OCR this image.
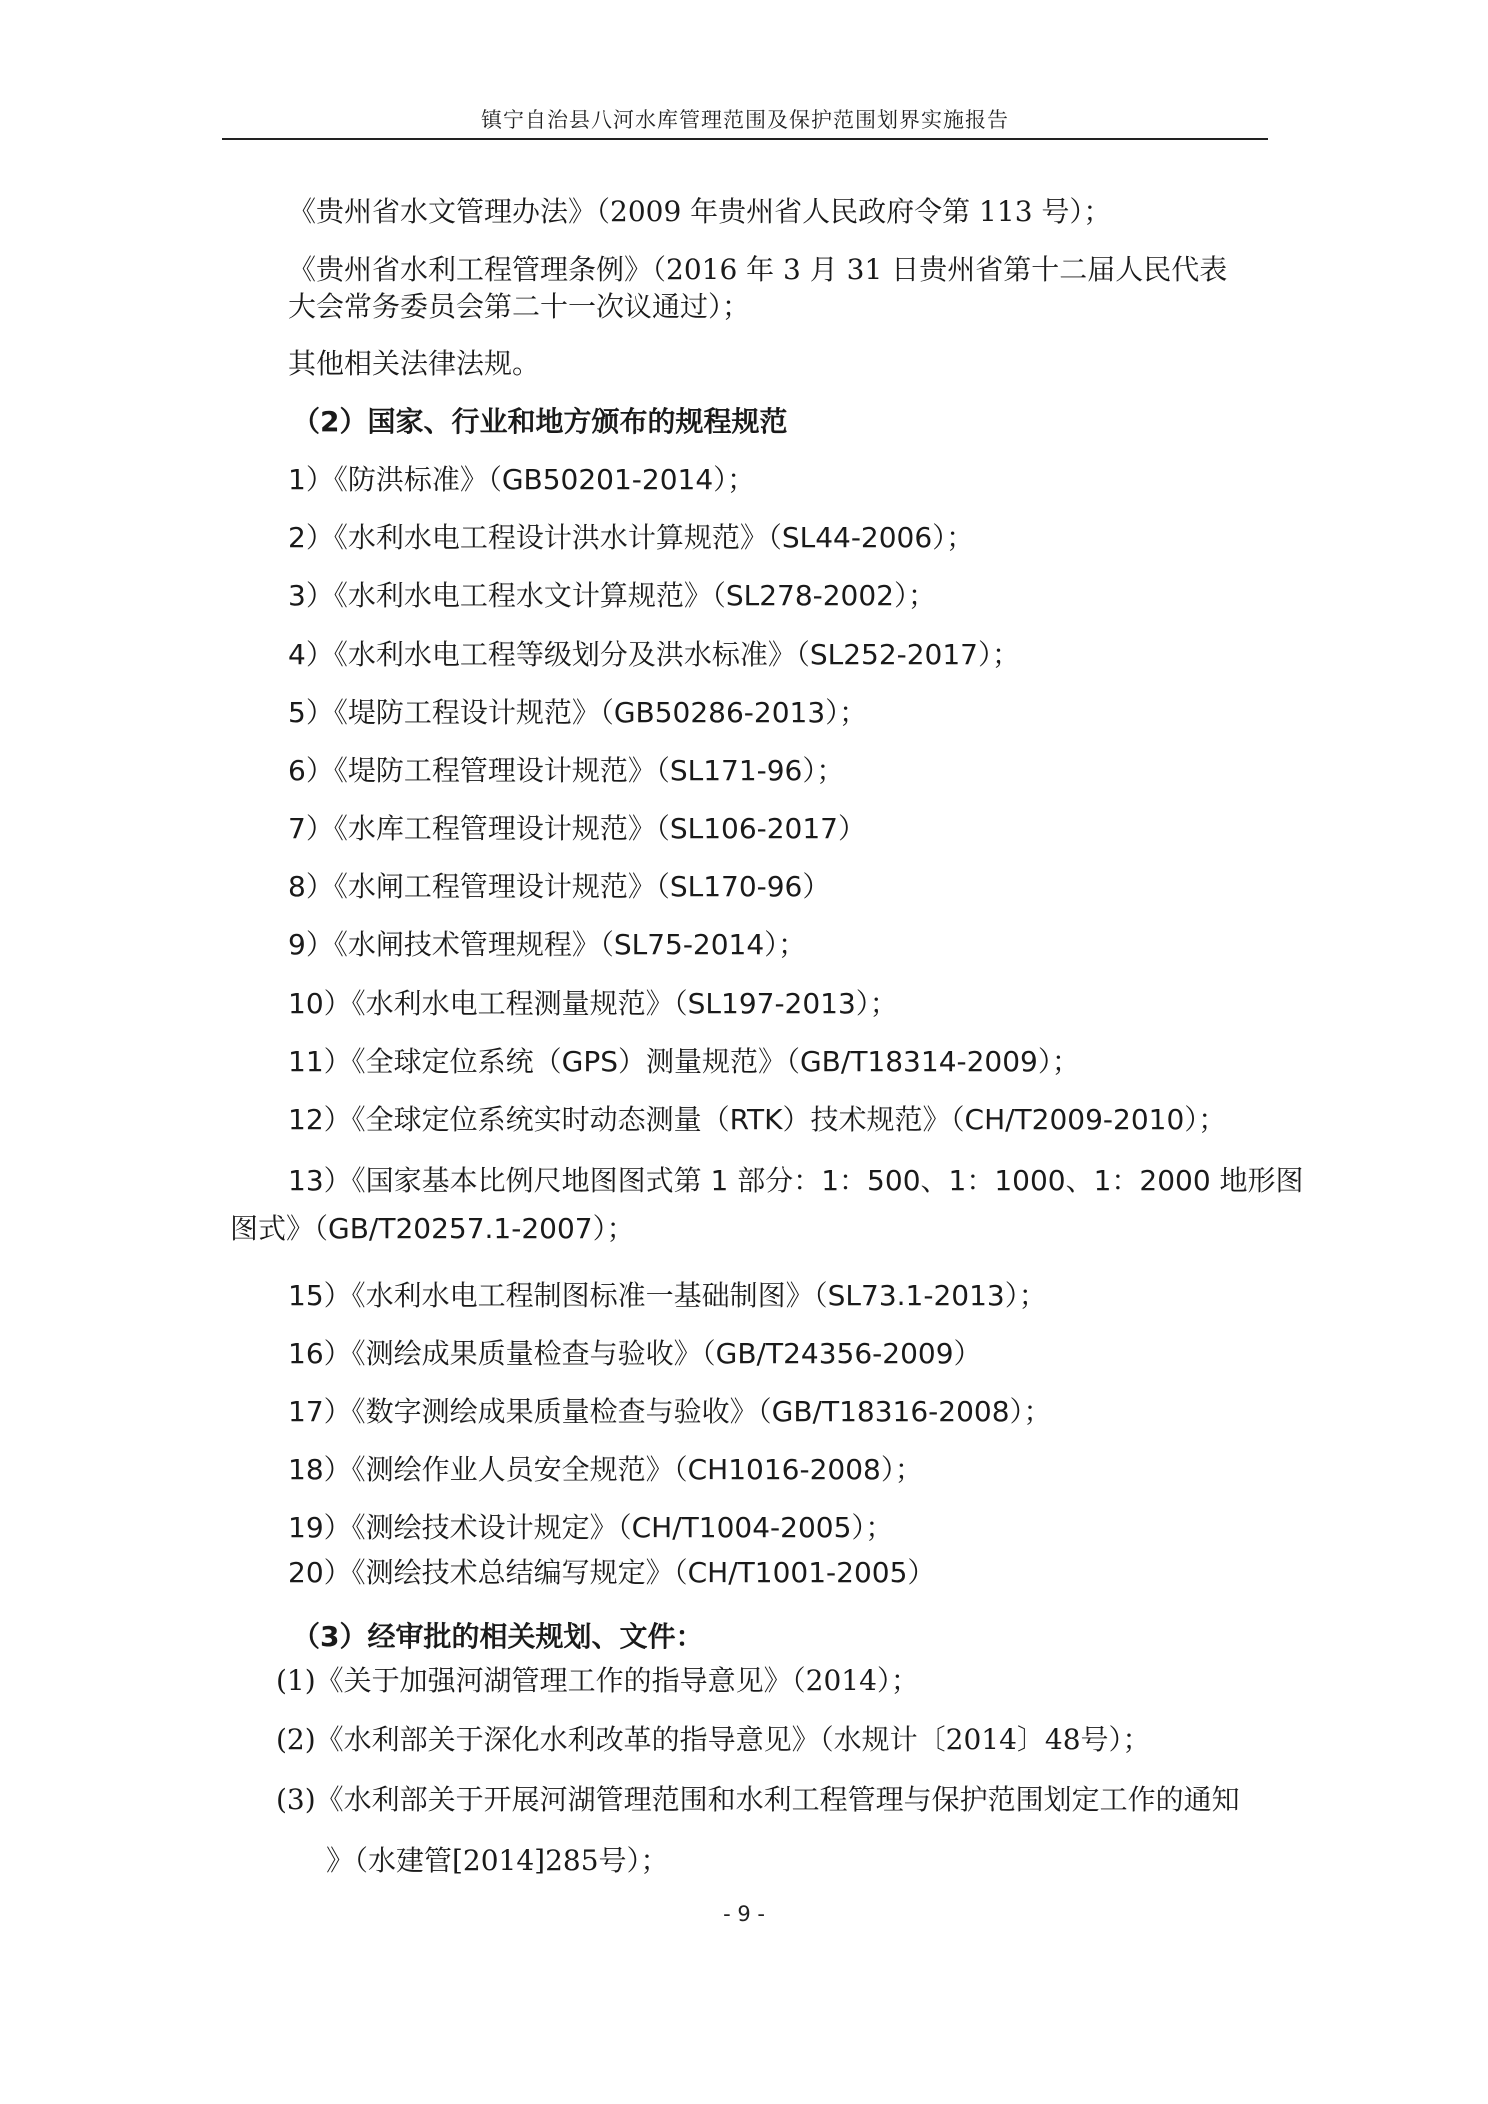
镇宁自治县八河水库管理范围及保护范围划界实施报告
《贵州省水文管理办法》（2009 年贵州省人民政府令第 113 号）；
《贵州省水利工程管理条例》（2016 年 3 月 31 日贵州省第十二届人民代表
大会常务委员会第二十一次议通过）；
其他相关法律法规。
（2）国家、行业和地方颁布的规程规范
1）《防洪标准》（GB50201-2014）；
2）《水利水电工程设计洪水计算规范》（SL44-2006）；
3）《水利水电工程水文计算规范》（SL278-2002）；
4）《水利水电工程等级划分及洪水标准》（SL252-2017）；
5）《堤防工程设计规范》（GB50286-2013）；
6）《堤防工程管理设计规范》（SL171-96）；
7）《水库工程管理设计规范》（SL106-2017）
8）《水闸工程管理设计规范》（SL170-96）
9）《水闸技术管理规程》（SL75-2014）；
10）《水利水电工程测量规范》（SL197-2013）；
11）《全球定位系统（GPS）测量规范》（GB/T18314-2009）；
12）《全球定位系统实时动态测量（RTK）技术规范》（CH/T2009-2010）；
13）《国家基本比例尺地图图式第 1 部分：1：500、1：1000、1：2000 地形图
图式》（GB/T20257.1-2007）；
15）《水利水电工程制图标准一基础制图》（SL73.1-2013）；
16）《测绘成果质量检查与验收》（GB/T24356-2009）
17）《数字测绘成果质量检查与验收》（GB/T18316-2008）；
18）《测绘作业人员安全规范》（CH1016-2008）；
19）《测绘技术设计规定》（CH/T1004-2005）；
20）《测绘技术总结编写规定》（CH/T1001-2005）
（3）经审批的相关规划、文件：
(1)《关于加强河湖管理工作的指导意见》（2014）；
(2)《水利部关于深化水利改革的指导意见》（水规计〔2014〕48号）；
(3)《水利部关于开展河湖管理范围和水利工程管理与保护范围划定工作的通知
》（水建管[2014]285号）；
- 9 -
